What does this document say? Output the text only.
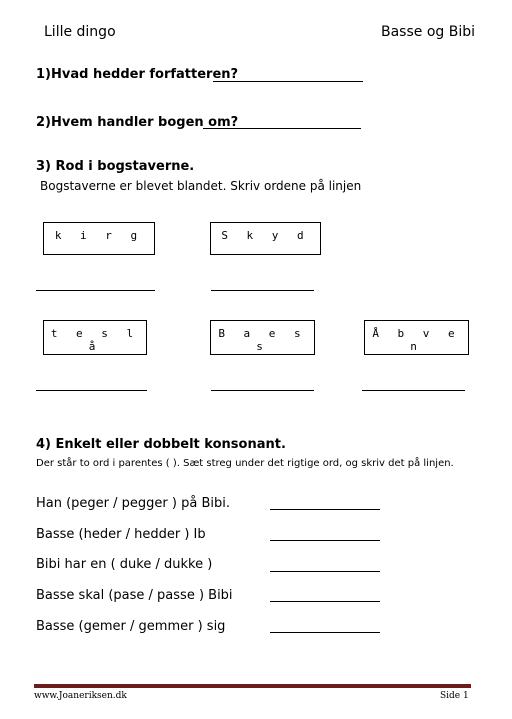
Lille dingo	Basse og Bibi
1)Hvad hedder forfatteren?
2)Hvem handler bogen om?
3) Rod i bogstaverne.
Bogstaverne er blevet blandet. Skriv ordene på linjen
k i r g	S k y d
t e s l å
B a e s s
Å b v e n
4) Enkelt eller dobbelt konsonant.
Der står to ord i parentes ( ). Sæt streg under det rigtige ord, og skriv det på linjen.
Han (peger / pegger ) på Bibi.
Basse (heder / hedder ) Ib
Bibi har en ( duke / dukke )
Basse skal (pase / passe ) Bibi
Basse (gemer / gemmer ) sig
www.Joaneriksen.dk	Side 1
